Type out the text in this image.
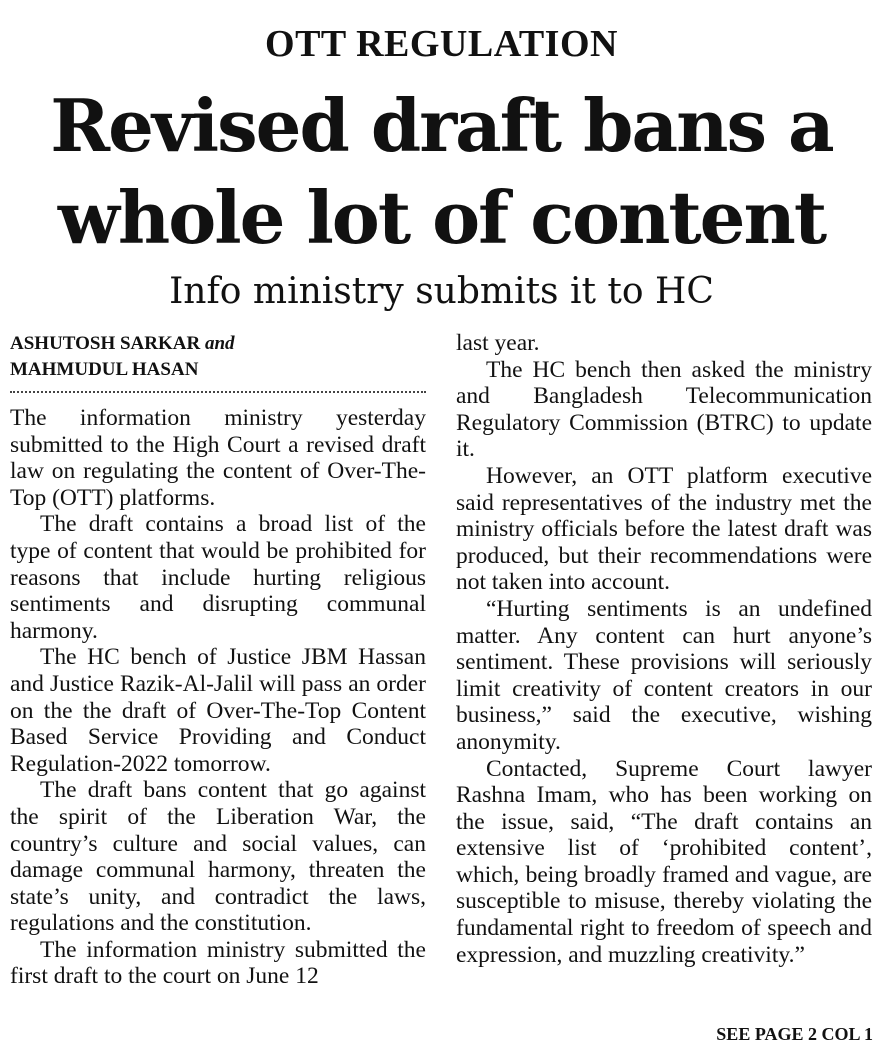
OTT REGULATION
Revised draft bans a
whole lot of content
Info ministry submits it to HC
ASHUTOSH SARKAR and
MAHMUDUL HASAN

The information ministry yesterday submitted to the High Court a revised draft law on regulating the content of Over-The-Top (OTT) platforms.

The draft contains a broad list of the type of content that would be prohibited for reasons that include hurting religious sentiments and disrupting communal harmony.

The HC bench of Justice JBM Hassan and Justice Razik-Al-Jalil will pass an order on the the draft of Over-The-Top Content Based Service Providing and Conduct Regulation-2022 tomorrow.

The draft bans content that go against the spirit of the Liberation War, the country’s culture and social values, can damage communal harmony, threaten the state’s unity, and contradict the laws, regulations and the constitution.

The information ministry submitted the first draft to the court on June 12

last year.

The HC bench then asked the ministry and Bangladesh Telecommunication Regulatory Commission (BTRC) to update it.

However, an OTT platform executive said representatives of the industry met the ministry officials before the latest draft was produced, but their recommendations were not taken into account.

“Hurting sentiments is an undefined matter. Any content can hurt anyone’s sentiment. These provisions will seriously limit creativity of content creators in our business,” said the executive, wishing anonymity.

Contacted, Supreme Court lawyer Rashna Imam, who has been working on the issue, said, “The draft contains an extensive list of ‘prohibited content’, which, being broadly framed and vague, are susceptible to misuse, thereby violating the fundamental right to freedom of speech and expression, and muzzling creativity.”

SEE PAGE 2 COL 1
